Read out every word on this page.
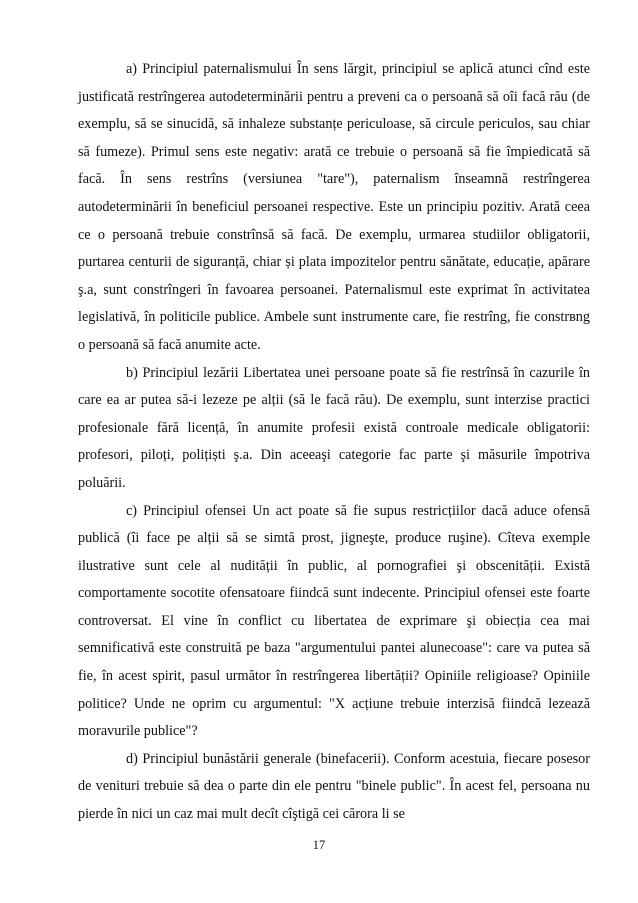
a) Principiul paternalismului În sens lărgit, principiul se aplică atunci cînd este justificată restrîngerea autodeterminării pentru a preveni ca o persoană să oîi facă rău (de exemplu, să se sinucidă, să inhaleze substanțe periculoase, să circule periculos, sau chiar să fumeze). Primul sens este negativ: arată ce trebuie o persoană să fie împiedicată să facă. În sens restrîns (versiunea "tare"), paternalism înseamnă restrîngerea autodeterminării în beneficiul persoanei respective. Este un principiu pozitiv. Arată ceea ce o persoană trebuie constrînsă să facă. De exemplu, urmarea studiilor obligatorii, purtarea centurii de siguranță, chiar și plata impozitelor pentru sănătate, educație, apărare ş.a, sunt constrîngeri în favoarea persoanei. Paternalismul este exprimat în activitatea legislativă, în politicile publice. Ambele sunt instrumente care, fie restrîng, fie constrвng o persoană să facă anumite acte.

b) Principiul lezării Libertatea unei persoane poate să fie restrînsă în cazurile în care ea ar putea să-i lezeze pe alții (să le facă rău). De exemplu, sunt interzise practici profesionale fără licență, în anumite profesii există controale medicale obligatorii: profesori, piloți, polițiști ş.a. Din aceeaşi categorie fac parte şi măsurile împotriva poluării.

c) Principiul ofensei Un act poate să fie supus restricțiilor dacă aduce ofensă publică (îi face pe alții să se simtă prost, jigneşte, produce ruşine). Cîteva exemple ilustrative sunt cele al nudității în public, al pornografiei şi obscenității. Există comportamente socotite ofensatoare fiindcă sunt indecente. Principiul ofensei este foarte controversat. El vine în conflict cu libertatea de exprimare şi obiecția cea mai semnificativă este construită pe baza "argumentului pantei alunecoase": care va putea să fie, în acest spirit, pasul următor în restrîngerea libertății? Opiniile religioase? Opiniile politice? Unde ne oprim cu argumentul: "X acțiune trebuie interzisă fiindcă lezează moravurile publice"?

d) Principiul bunăstării generale (binefacerii). Conform acestuia, fiecare posesor de venituri trebuie să dea o parte din ele pentru "binele public". În acest fel, persoana nu pierde în nici un caz mai mult decît cîştigă cei cărora li se

17
